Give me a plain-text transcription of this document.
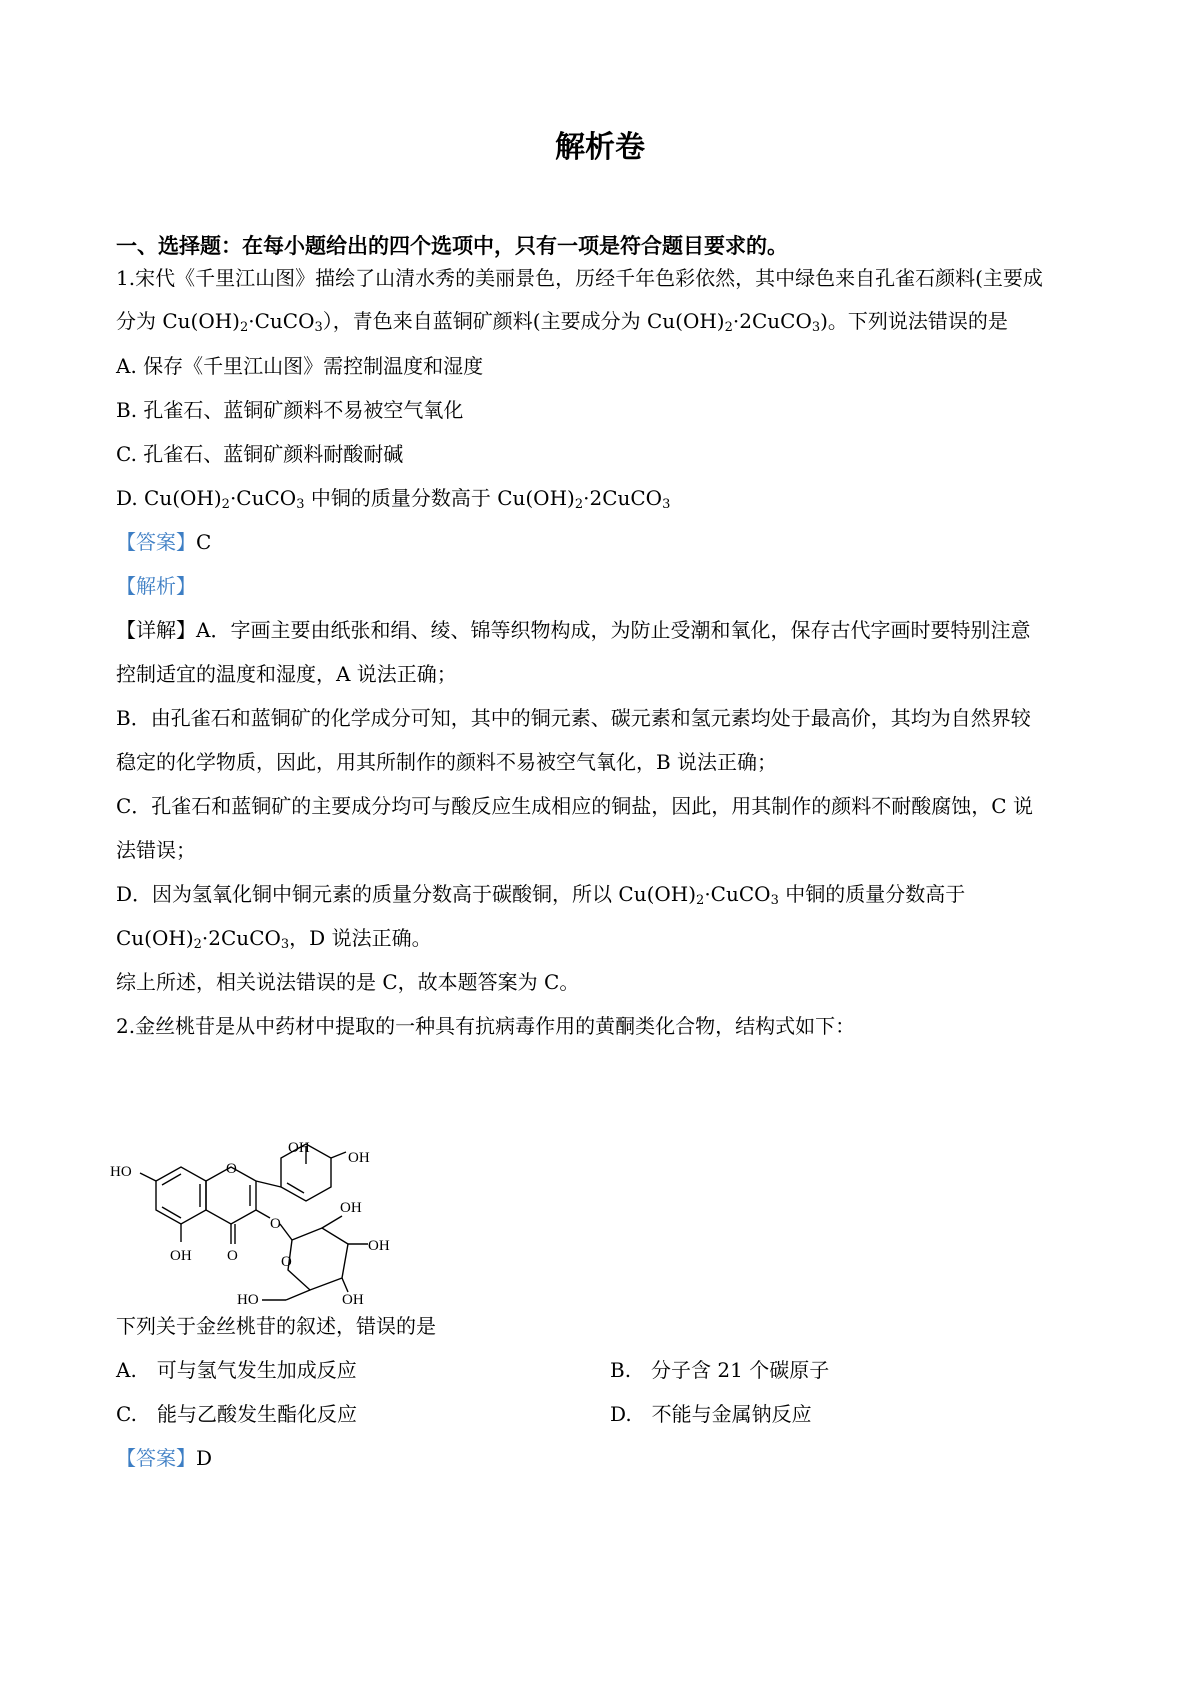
解析卷
一、选择题：在每小题给出的四个选项中，只有一项是符合题目要求的。
1.宋代《千里江山图》描绘了山清水秀的美丽景色，历经千年色彩依然，其中绿色来自孔雀石颜料(主要成
分为 $Cu(OH)_2\cdot CuCO_3$），青色来自蓝铜矿颜料(主要成分为 $Cu(OH)_2\cdot 2CuCO_3$)。下列说法错误的是
A. 保存《千里江山图》需控制温度和湿度
B. 孔雀石、蓝铜矿颜料不易被空气氧化
C. 孔雀石、蓝铜矿颜料耐酸耐碱
D. $Cu(OH)_2\cdot CuCO_3$ 中铜的质量分数高于 $Cu(OH)_2\cdot 2CuCO_3$
【答案】C
【解析】
【详解】A．字画主要由纸张和绢、绫、锦等织物构成，为防止受潮和氧化，保存古代字画时要特别注意
控制适宜的温度和湿度，A 说法正确；
B．由孔雀石和蓝铜矿的化学成分可知，其中的铜元素、碳元素和氢元素均处于最高价，其均为自然界较
稳定的化学物质，因此，用其所制作的颜料不易被空气氧化，B 说法正确；
C．孔雀石和蓝铜矿的主要成分均可与酸反应生成相应的铜盐，因此，用其制作的颜料不耐酸腐蚀，C 说
法错误；
D．因为氢氧化铜中铜元素的质量分数高于碳酸铜，所以 $Cu(OH)_2\cdot CuCO_3$ 中铜的质量分数高于
$Cu(OH)_2\cdot 2CuCO_3$，D 说法正确。
综上所述，相关说法错误的是 C，故本题答案为 C。
2.金丝桃苷是从中药材中提取的一种具有抗病毒作用的黄酮类化合物，结构式如下：
OH
OH
HO	O
O
OH O
OH
O
OH
HO	OH
下列关于金丝桃苷的叙述，错误的是
A.　可与氢气发生加成反应	B.　分子含 21 个碳原子
C.　能与乙酸发生酯化反应	D.　不能与金属钠反应
【答案】D
